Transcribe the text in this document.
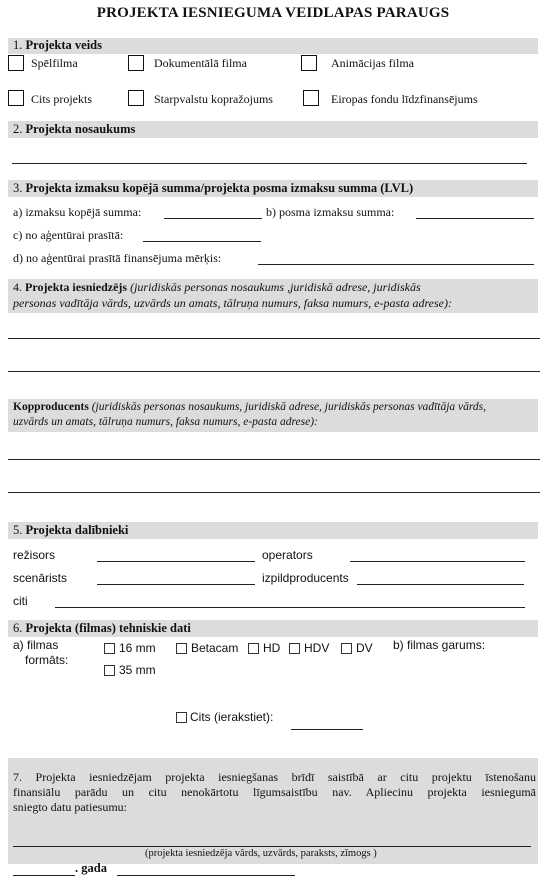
PROJEKTA IESNIEGUMA VEIDLAPAS PARAUGS
1. Projekta veids
Spēlfilma	Dokumentālā filma	Animācijas filma
Cits projekts	Starpvalstu kopražojums	Eiropas fondu līdzfinansējums
2. Projekta nosaukums
3. Projekta izmaksu kopējā summa/projekta posma izmaksu summa (LVL)
a) izmaksu kopējā summa:	b) posma izmaksu summa:
c) no aģentūrai prasītā:
d) no aģentūrai prasītā finansējuma mērķis:
4. Projekta iesniedzējs (juridiskās personas nosaukums ,juridiskā adrese, juridiskās
personas vadītāja vārds, uzvārds un amats, tālruņa numurs, faksa numurs, e-pasta adrese):
Kopproducents (juridiskās personas nosaukums, juridiskā adrese, juridiskās personas vadītāja vārds,
uzvārds un amats, tālruņa numurs, faksa numurs, e-pasta adrese):
5. Projekta dalībnieki
režisors	operators
scenārists	izpildproducents
citi
6. Projekta (filmas) tehniskie dati
a) filmas
formāts:
16 mm	Betacam HD HDV DV b) filmas garums:
35 mm
Cits (ierakstiet):
7. Projekta iesniedzējam projekta iesniegšanas brīdī saistībā ar citu projektu īstenošanu
finansiālu parādu un citu nenokārtotu līgumsaistību nav. Apliecinu projekta iesniegumā
sniegto datu patiesumu:
(projekta iesniedzēja vārds, uzvārds, paraksts, zīmogs )
. gada
